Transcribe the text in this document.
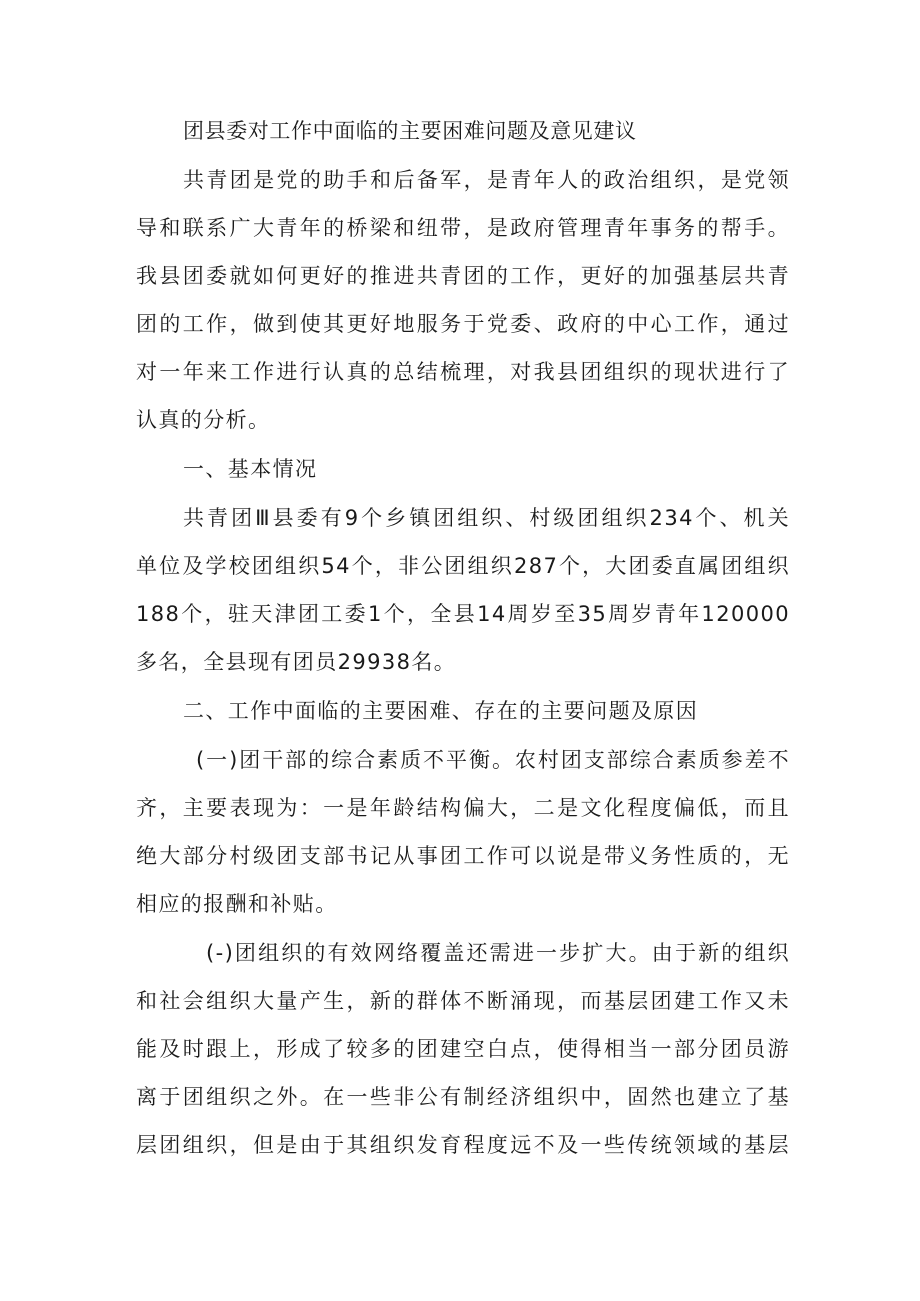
团县委对工作中面临的主要困难问题及意见建议
共青团是党的助手和后备军，是青年人的政治组织，是党领
导和联系广大青年的桥梁和纽带，是政府管理青年事务的帮手。
我县团委就如何更好的推进共青团的工作，更好的加强基层共青
团的工作，做到使其更好地服务于党委、政府的中心工作，通过
对一年来工作进行认真的总结梳理，对我县团组织的现状进行了
认真的分析。
一、基本情况
共青团Ⅲ县委有9个乡镇团组织、村级团组织234个、机关
单位及学校团组织54个，非公团组织287个，大团委直属团组织
188个，驻天津团工委1个，全县14周岁至35周岁青年120000
多名，全县现有团员29938名。
二、工作中面临的主要困难、存在的主要问题及原因
(一)团干部的综合素质不平衡。农村团支部综合素质参差不
齐，主要表现为：一是年龄结构偏大，二是文化程度偏低，而且
绝大部分村级团支部书记从事团工作可以说是带义务性质的，无
相应的报酬和补贴。
(-)团组织的有效网络覆盖还需进一步扩大。由于新的组织
和社会组织大量产生，新的群体不断涌现，而基层团建工作又未
能及时跟上，形成了较多的团建空白点，使得相当一部分团员游
离于团组织之外。在一些非公有制经济组织中，固然也建立了基
层团组织，但是由于其组织发育程度远不及一些传统领域的基层
